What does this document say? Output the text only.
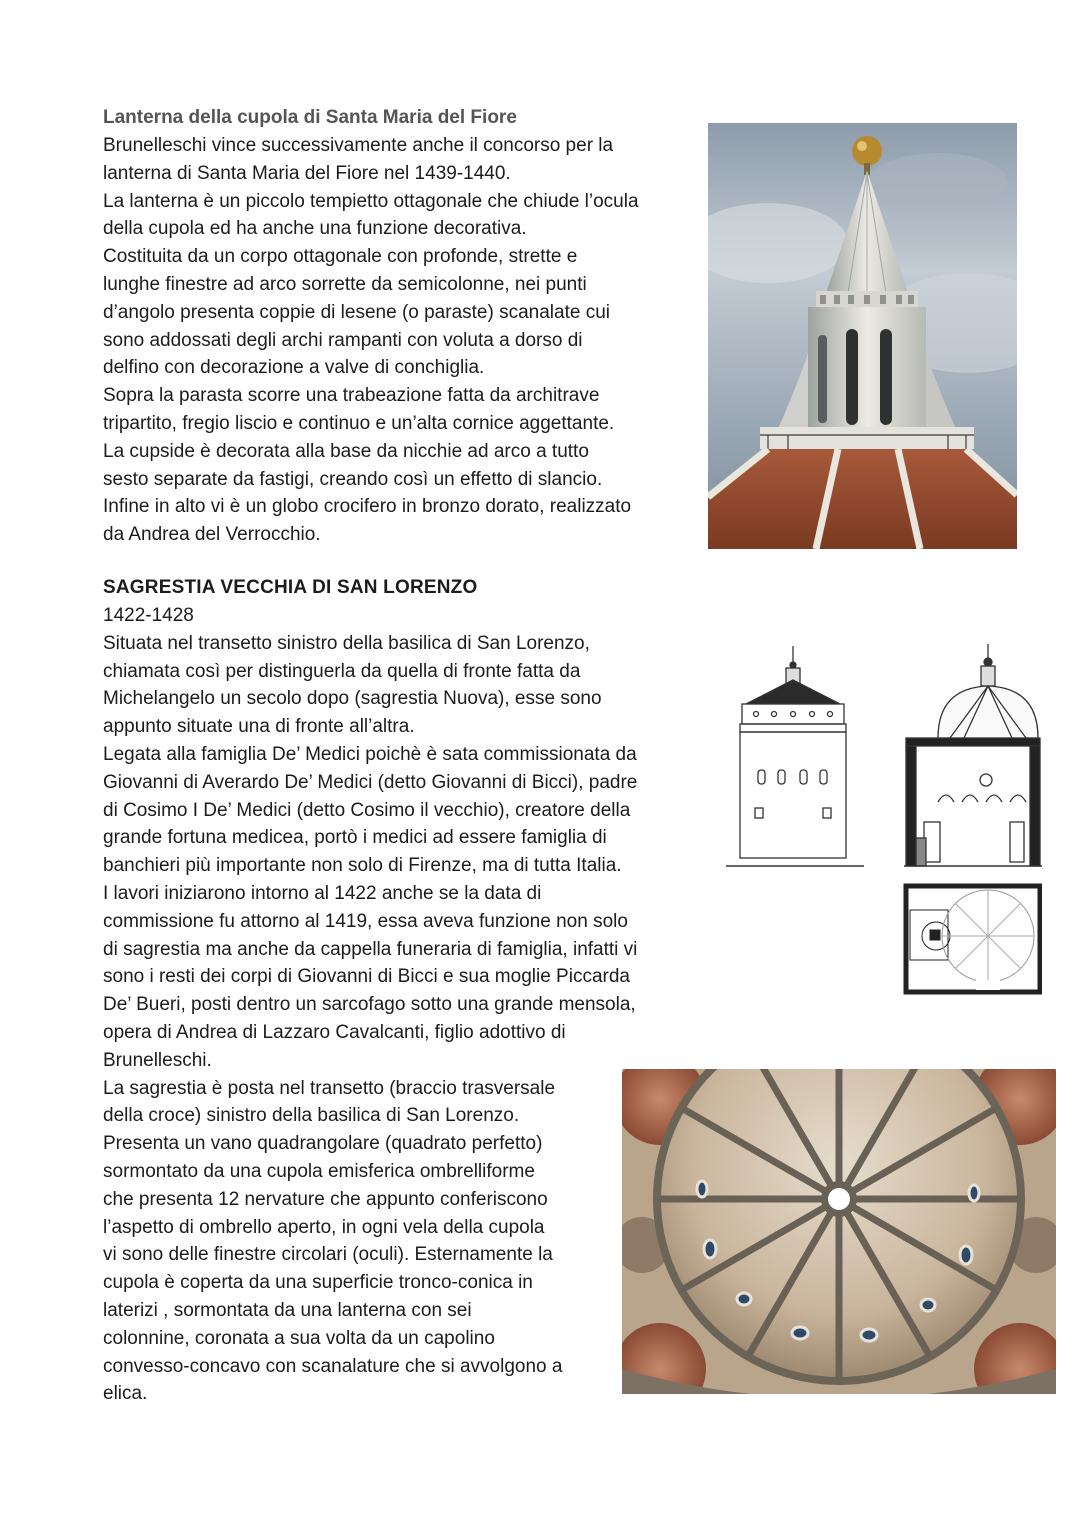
Lanterna della cupola di Santa Maria del Fiore
Brunelleschi vince successivamente anche il concorso per la
lanterna di Santa Maria del Fiore nel 1439-1440.
La lanterna è un piccolo tempietto ottagonale che chiude l’ocula
della cupola ed ha anche una funzione decorativa.
Costituita da un corpo ottagonale con profonde, strette e
lunghe finestre ad arco sorrette da semicolonne, nei punti
d’angolo presenta coppie di lesene (o paraste) scanalate cui
sono addossati degli archi rampanti con voluta a dorso di
delfino con decorazione a valve di conchiglia.
Sopra la parasta scorre una trabeazione fatta da architrave
tripartito, fregio liscio e continuo e un’alta cornice aggettante.
La cupside è decorata alla base da nicchie ad arco a tutto
sesto separate da fastigi, creando così un effetto di slancio.
Infine in alto vi è un globo crocifero in bronzo dorato, realizzato
da Andrea del Verrocchio.
SAGRESTIA VECCHIA DI SAN LORENZO
1422-1428
Situata nel transetto sinistro della basilica di San Lorenzo,
chiamata così per distinguerla da quella di fronte fatta da
Michelangelo un secolo dopo (sagrestia Nuova), esse sono
appunto situate una di fronte all’altra.
Legata alla famiglia De’ Medici poichè è sata commissionata da
Giovanni di Averardo De’ Medici (detto Giovanni di Bicci), padre
di Cosimo I De’ Medici (detto Cosimo il vecchio), creatore della
grande fortuna medicea, portò i medici ad essere famiglia di
banchieri più importante non solo di Firenze, ma di tutta Italia.
I lavori iniziarono intorno al 1422 anche se la data di
commissione fu attorno al 1419, essa aveva funzione non solo
di sagrestia ma anche da cappella funeraria di famiglia, infatti vi
sono i resti dei corpi di Giovanni di Bicci e sua moglie Piccarda
De’ Bueri, posti dentro un sarcofago sotto una grande mensola,
opera di Andrea di Lazzaro Cavalcanti, figlio adottivo di
Brunelleschi.
La sagrestia è posta nel transetto (braccio trasversale
della croce) sinistro della basilica di San Lorenzo.
Presenta un vano quadrangolare (quadrato perfetto)
sormontato da una cupola emisferica ombrelliforme
che presenta 12 nervature che appunto conferiscono
l’aspetto di ombrello aperto, in ogni vela della cupola
vi sono delle finestre circolari (oculi). Esternamente la
cupola è coperta da una superficie tronco-conica in
laterizi , sormontata da una lanterna con sei
colonnine, coronata a sua volta da un capolino
convesso-concavo con scanalature che si avvolgono a
elica.
